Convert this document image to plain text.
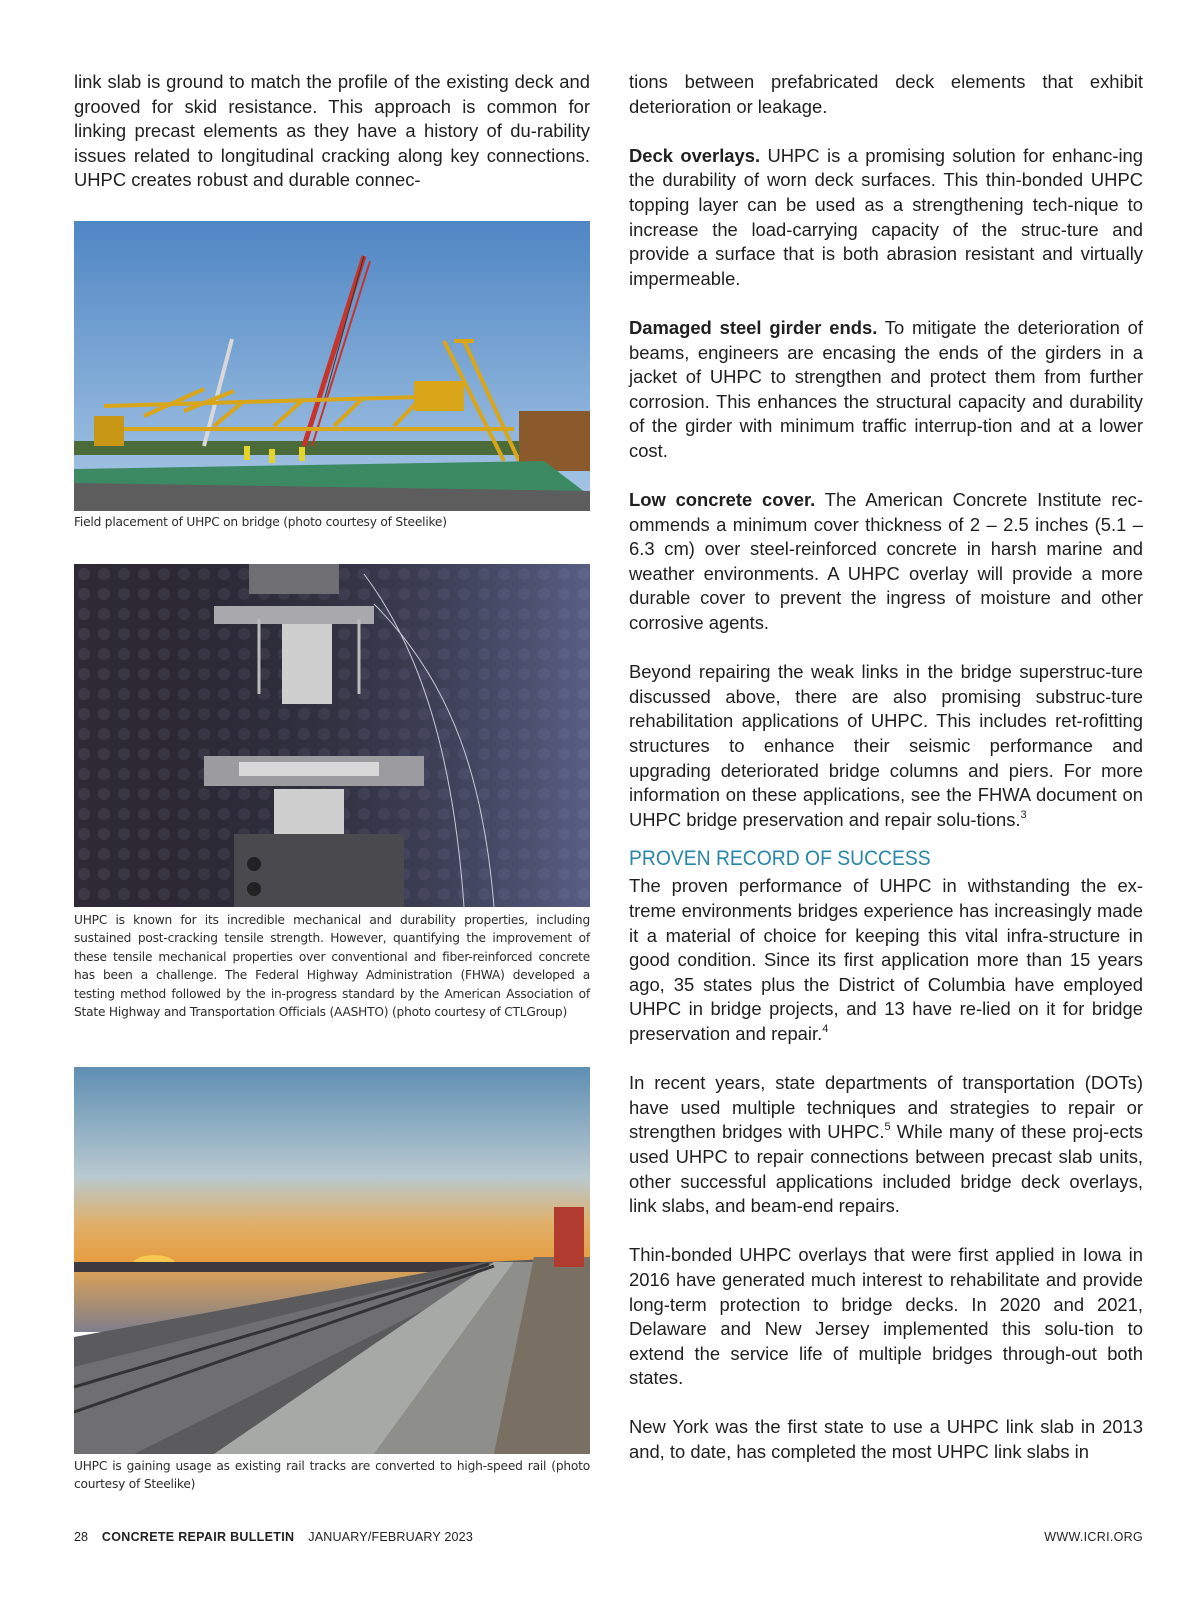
link slab is ground to match the profile of the existing deck and grooved for skid resistance. This approach is common for linking precast elements as they have a history of du-rability issues related to longitudinal cracking along key connections. UHPC creates robust and durable connec-

Field placement of UHPC on bridge (photo courtesy of Steelike)
UHPC is known for its incredible mechanical and durability properties, including sustained post-cracking tensile strength. However, quantifying the improvement of these tensile mechanical properties over conventional and fiber-reinforced concrete has been a challenge. The Federal Highway Administration (FHWA) developed a testing method followed by the in-progress standard by the American Association of State Highway and Transportation Officials (AASHTO) (photo courtesy of CTLGroup)
UHPC is gaining usage as existing rail tracks are converted to high-speed rail (photo courtesy of Steelike)

tions between prefabricated deck elements that exhibit deterioration or leakage.

Deck overlays. UHPC is a promising solution for enhanc-ing the durability of worn deck surfaces. This thin-bonded UHPC topping layer can be used as a strengthening tech-nique to increase the load-carrying capacity of the struc-ture and provide a surface that is both abrasion resistant and virtually impermeable.

Damaged steel girder ends. To mitigate the deterioration of beams, engineers are encasing the ends of the girders in a jacket of UHPC to strengthen and protect them from further corrosion. This enhances the structural capacity and durability of the girder with minimum traffic interrup-tion and at a lower cost.

Low concrete cover. The American Concrete Institute rec-ommends a minimum cover thickness of 2 – 2.5 inches (5.1 – 6.3 cm) over steel-reinforced concrete in harsh marine and weather environments. A UHPC overlay will provide a more durable cover to prevent the ingress of moisture and other corrosive agents.

Beyond repairing the weak links in the bridge superstruc-ture discussed above, there are also promising substruc-ture rehabilitation applications of UHPC. This includes ret-rofitting structures to enhance their seismic performance and upgrading deteriorated bridge columns and piers. For more information on these applications, see the FHWA document on UHPC bridge preservation and repair solu-tions.$^3$

PROVEN RECORD OF SUCCESS

The proven performance of UHPC in withstanding the ex-treme environments bridges experience has increasingly made it a material of choice for keeping this vital infra-structure in good condition. Since its first application more than 15 years ago, 35 states plus the District of Columbia have employed UHPC in bridge projects, and 13 have re-lied on it for bridge preservation and repair.$^4$

In recent years, state departments of transportation (DOTs) have used multiple techniques and strategies to repair or strengthen bridges with UHPC.$^5$ While many of these proj-ects used UHPC to repair connections between precast slab units, other successful applications included bridge deck overlays, link slabs, and beam-end repairs.

Thin-bonded UHPC overlays that were first applied in Iowa in 2016 have generated much interest to rehabilitate and provide long-term protection to bridge decks. In 2020 and 2021, Delaware and New Jersey implemented this solu-tion to extend the service life of multiple bridges through-out both states.

New York was the first state to use a UHPC link slab in 2013 and, to date, has completed the most UHPC link slabs in

28 CONCRETE REPAIR BULLETIN JANUARY/FEBRUARY 2023	WWW.ICRI.ORG
